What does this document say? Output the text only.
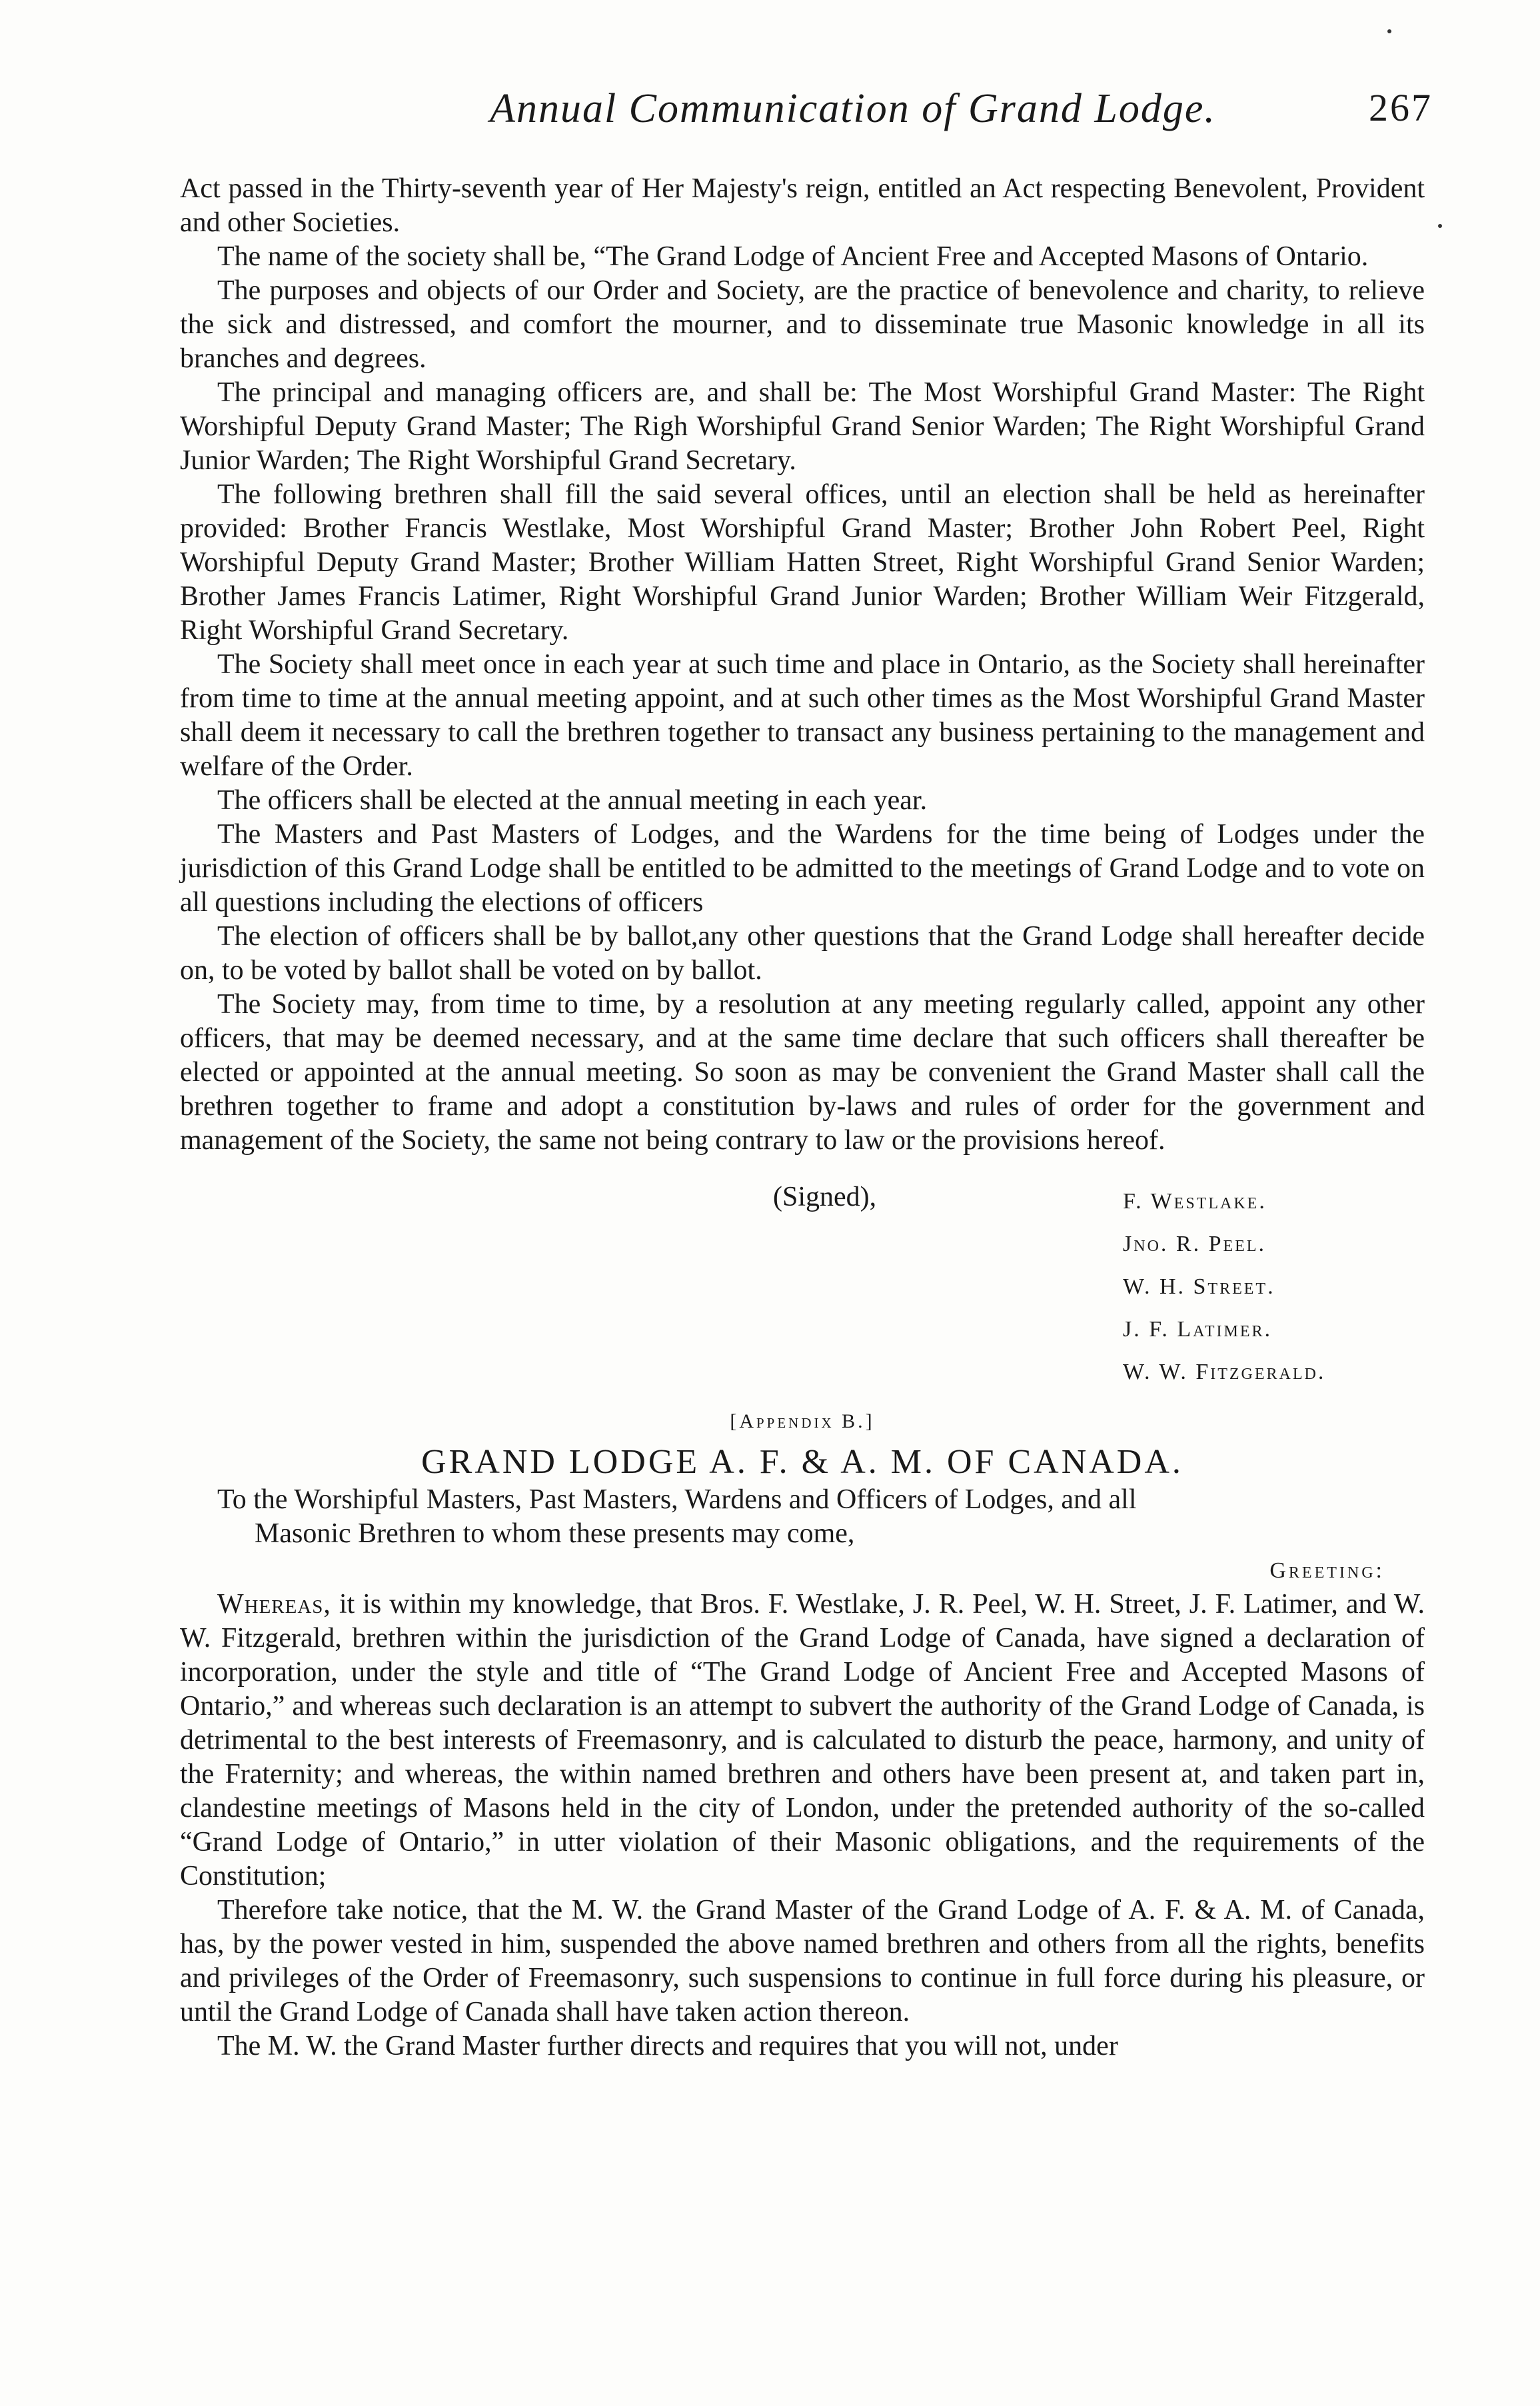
Annual Communication of Grand Lodge.	267

Act passed in the Thirty-seventh year of Her Majesty's reign, entitled an Act respecting Benevolent, Provident and other Societies.

The name of the society shall be, “The Grand Lodge of Ancient Free and Accepted Masons of Ontario.

The purposes and objects of our Order and Society, are the practice of benevolence and charity, to relieve the sick and distressed, and comfort the mourner, and to disseminate true Masonic knowledge in all its branches and degrees.

The principal and managing officers are, and shall be: The Most Worshipful Grand Master: The Right Worshipful Deputy Grand Master; The Righ Worshipful Grand Senior Warden; The Right Worshipful Grand Junior Warden; The Right Worshipful Grand Secretary.

The following brethren shall fill the said several offices, until an election shall be held as hereinafter provided: Brother Francis Westlake, Most Worshipful Grand Master; Brother John Robert Peel, Right Worshipful Deputy Grand Master; Brother William Hatten Street, Right Worshipful Grand Senior Warden; Brother James Francis Latimer, Right Worshipful Grand Junior Warden; Brother William Weir Fitzgerald, Right Worshipful Grand Secretary.

The Society shall meet once in each year at such time and place in Ontario, as the Society shall hereinafter from time to time at the annual meeting appoint, and at such other times as the Most Worshipful Grand Master shall deem it necessary to call the brethren together to transact any business pertaining to the management and welfare of the Order.

The officers shall be elected at the annual meeting in each year.

The Masters and Past Masters of Lodges, and the Wardens for the time being of Lodges under the jurisdiction of this Grand Lodge shall be entitled to be admitted to the meetings of Grand Lodge and to vote on all questions including the elections of officers

The election of officers shall be by ballot,any other questions that the Grand Lodge shall hereafter decide on, to be voted by ballot shall be voted on by ballot.

The Society may, from time to time, by a resolution at any meeting regularly called, appoint any other officers, that may be deemed necessary, and at the same time declare that such officers shall thereafter be elected or appointed at the annual meeting. So soon as may be convenient the Grand Master shall call the brethren together to frame and adopt a constitution by-laws and rules of order for the government and management of the Society, the same not being contrary to law or the provisions hereof.

(Signed),	F. Westlake.
Jno. R. Peel.
W. H. Street.
J. F. Latimer.
W. W. Fitzgerald.
[Appendix B.]
GRAND LODGE A. F. & A. M. OF CANADA.

To the Worshipful Masters, Past Masters, Wardens and Officers of Lodges, and all

Masonic Brethren to whom these presents may come,

Greeting:

Whereas, it is within my knowledge, that Bros. F. Westlake, J. R. Peel, W. H. Street, J. F. Latimer, and W. W. Fitzgerald, brethren within the jurisdiction of the Grand Lodge of Canada, have signed a declaration of incorporation, under the style and title of “The Grand Lodge of Ancient Free and Accepted Masons of Ontario,” and whereas such declaration is an attempt to subvert the authority of the Grand Lodge of Canada, is detrimental to the best interests of Freemasonry, and is calculated to disturb the peace, harmony, and unity of the Fraternity; and whereas, the within named brethren and others have been present at, and taken part in, clandestine meetings of Masons held in the city of London, under the pretended authority of the so-called “Grand Lodge of Ontario,” in utter violation of their Masonic obligations, and the requirements of the Constitution;

Therefore take notice, that the M. W. the Grand Master of the Grand Lodge of A. F. & A. M. of Canada, has, by the power vested in him, suspended the above named brethren and others from all the rights, benefits and privileges of the Order of Freemasonry, such suspensions to continue in full force during his pleasure, or until the Grand Lodge of Canada shall have taken action thereon.

The M. W. the Grand Master further directs and requires that you will not, under
